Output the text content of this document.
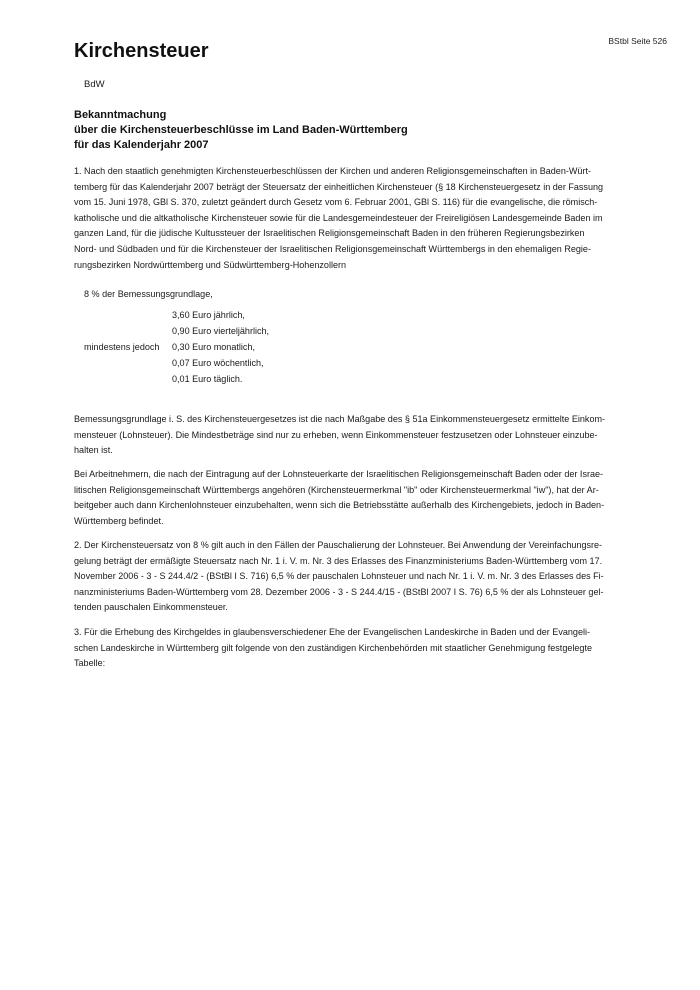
BStbl Seite 526
Kirchensteuer
BdW
Bekanntmachung
über die Kirchensteuerbeschlüsse im Land Baden-Württemberg
für das Kalenderjahr 2007

1. Nach den staatlich genehmigten Kirchensteuerbeschlüssen der Kirchen und anderen Religionsgemeinschaften in Baden-Würt-
temberg für das Kalenderjahr 2007 beträgt der Steuersatz der einheitlichen Kirchensteuer (§ 18 Kirchensteuergesetz in der Fassung
vom 15. Juni 1978, GBl S. 370, zuletzt geändert durch Gesetz vom 6. Februar 2001, GBl S. 116) für die evangelische, die römisch-
katholische und die altkatholische Kirchensteuer sowie für die Landesgemeindesteuer der Freireligiösen Landesgemeinde Baden im
ganzen Land, für die jüdische Kultussteuer der Israelitischen Religionsgemeinschaft Baden in den früheren Regierungsbezirken
Nord- und Südbaden und für die Kirchensteuer der Israelitischen Religionsgemeinschaft Württembergs in den ehemaligen Regie-
rungsbezirken Nordwürttemberg und Südwürttemberg-Hohenzollern

8 % der Bemessungsgrundlage,
mindestens jedoch
3,60 Euro jährlich,
0,90 Euro vierteljährlich,
0,30 Euro monatlich,
0,07 Euro wöchentlich,
0,01 Euro täglich.

Bemessungsgrundlage i. S. des Kirchensteuergesetzes ist die nach Maßgabe des § 51a Einkommensteuergesetz ermittelte Einkom-
mensteuer (Lohnsteuer). Die Mindestbeträge sind nur zu erheben, wenn Einkommensteuer festzusetzen oder Lohnsteuer einzube-
halten ist.

Bei Arbeitnehmern, die nach der Eintragung auf der Lohnsteuerkarte der Israelitischen Religionsgemeinschaft Baden oder der Israe-
litischen Religionsgemeinschaft Württembergs angehören (Kirchensteuermerkmal "ib" oder Kirchensteuermerkmal "iw"), hat der Ar-
beitgeber auch dann Kirchenlohnsteuer einzubehalten, wenn sich die Betriebsstätte außerhalb des Kirchengebiets, jedoch in Baden-
Württemberg befindet.

2. Der Kirchensteuersatz von 8 % gilt auch in den Fällen der Pauschalierung der Lohnsteuer. Bei Anwendung der Vereinfachungsre-
gelung beträgt der ermäßigte Steuersatz nach Nr. 1 i. V. m. Nr. 3 des Erlasses des Finanzministeriums Baden-Württemberg vom 17.
November 2006 - 3 - S 244.4/2 - (BStBl I S. 716) 6,5 % der pauschalen Lohnsteuer und nach Nr. 1 i. V. m. Nr. 3 des Erlasses des Fi-
nanzministeriums Baden-Württemberg vom 28. Dezember 2006 - 3 - S 244.4/15 - (BStBl 2007 I S. 76) 6,5 % der als Lohnsteuer gel-
tenden pauschalen Einkommensteuer.

3. Für die Erhebung des Kirchgeldes in glaubensverschiedener Ehe der Evangelischen Landeskirche in Baden und der Evangeli-
schen Landeskirche in Württemberg gilt folgende von den zuständigen Kirchenbehörden mit staatlicher Genehmigung festgelegte
Tabelle:
